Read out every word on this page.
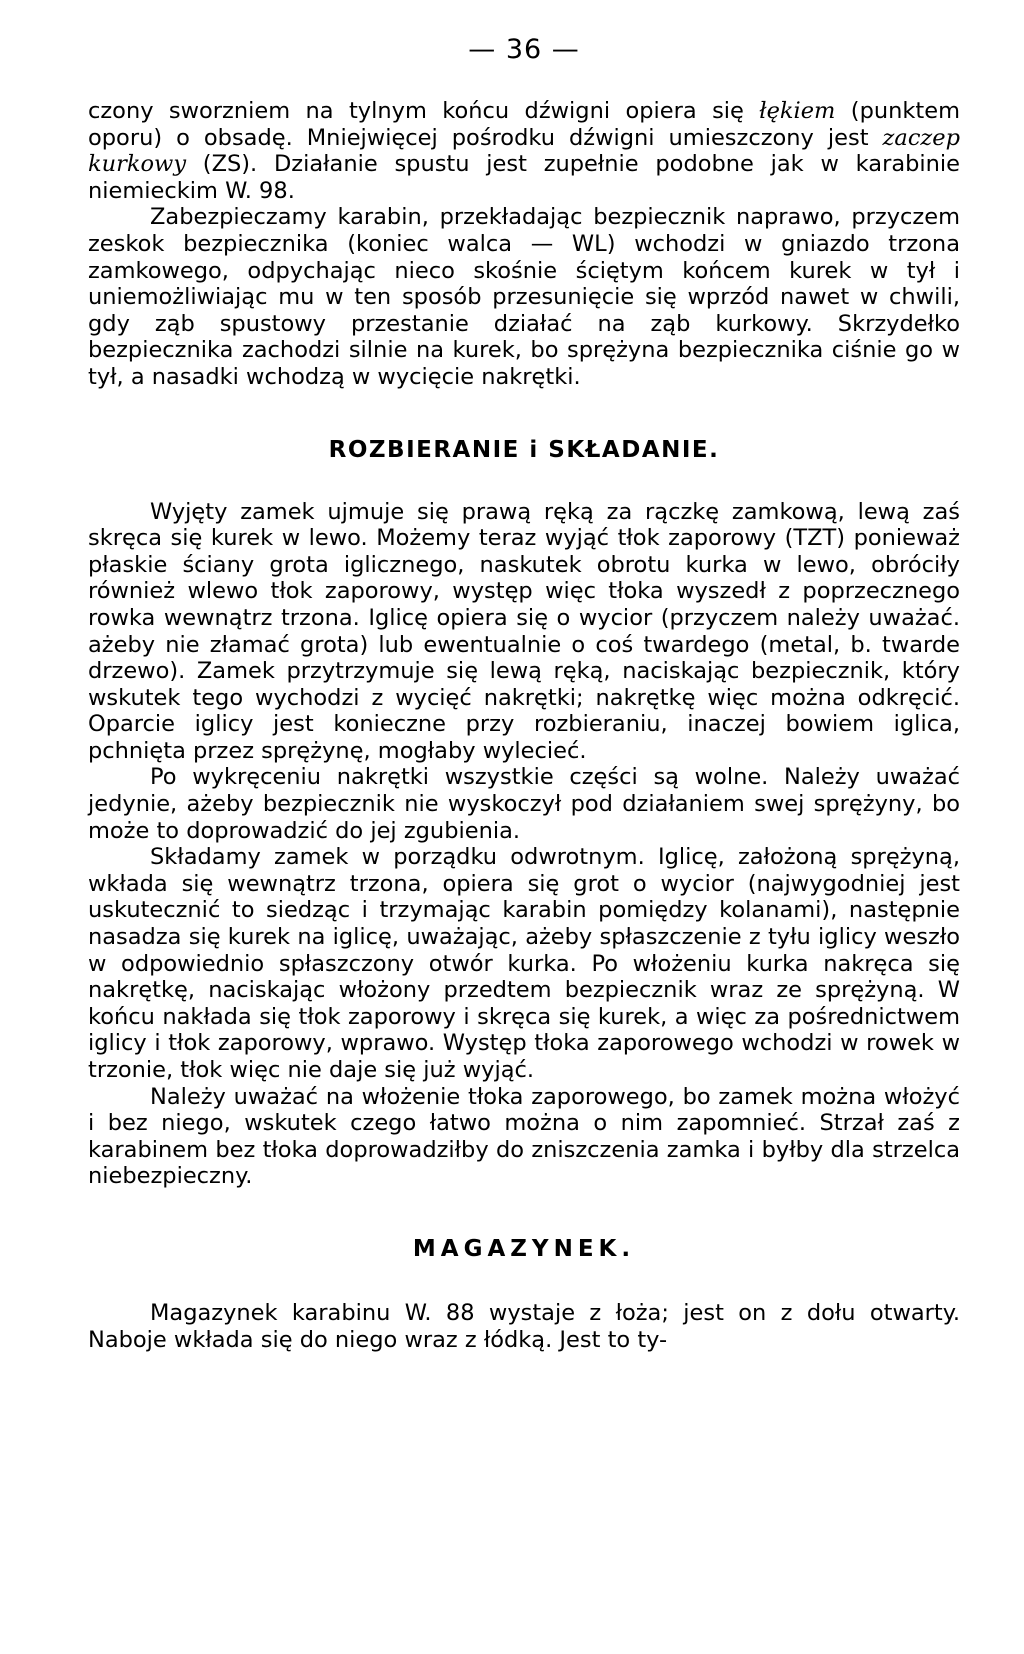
— 36 —

czony sworzniem na tylnym końcu dźwigni opiera się łękiem (punktem oporu) o obsadę. Mniejwięcej pośrodku dźwigni umieszczony jest zaczep kurkowy (ZS). Działanie spustu jest zupełnie podobne jak w karabinie niemieckim W. 98.

Zabezpieczamy karabin, przekładając bezpiecznik naprawo, przyczem zeskok bezpiecznika (koniec walca — WL) wchodzi w gniazdo trzona zamkowego, odpychając nieco skośnie ściętym końcem kurek w tył i uniemożliwiając mu w ten sposób przesunięcie się wprzód nawet w chwili, gdy ząb spustowy przestanie działać na ząb kurkowy. Skrzydełko bezpiecznika zachodzi silnie na kurek, bo sprężyna bezpiecznika ciśnie go w tył, a nasadki wchodzą w wycięcie nakrętki.

ROZBIERANIE i SKŁADANIE.

Wyjęty zamek ujmuje się prawą ręką za rączkę zamkową, lewą zaś skręca się kurek w lewo. Możemy teraz wyjąć tłok zaporowy (TZT) ponieważ płaskie ściany grota iglicznego, naskutek obrotu kurka w lewo, obróciły również wlewo tłok zaporowy, występ więc tłoka wyszedł z poprzecznego rowka wewnątrz trzona. Iglicę opiera się o wycior (przyczem należy uważać. ażeby nie złamać grota) lub ewentualnie o coś twardego (metal, b. twarde drzewo). Zamek przytrzymuje się lewą ręką, naciskając bezpiecznik, który wskutek tego wychodzi z wycięć nakrętki; nakrętkę więc można odkręcić. Oparcie iglicy jest konieczne przy rozbieraniu, inaczej bowiem iglica, pchnięta przez sprężynę, mogłaby wylecieć.

Po wykręceniu nakrętki wszystkie części są wolne. Należy uważać jedynie, ażeby bezpiecznik nie wyskoczył pod działaniem swej sprężyny, bo może to doprowadzić do jej zgubienia.

Składamy zamek w porządku odwrotnym. Iglicę, założoną sprężyną, wkłada się wewnątrz trzona, opiera się grot o wycior (najwygodniej jest uskutecznić to siedząc i trzymając karabin pomiędzy kolanami), następnie nasadza się kurek na iglicę, uważając, ażeby spłaszczenie z tyłu iglicy weszło w odpowiednio spłaszczony otwór kurka. Po włożeniu kurka nakręca się nakrętkę, naciskając włożony przedtem bezpiecznik wraz ze sprężyną. W końcu nakłada się tłok zaporowy i skręca się kurek, a więc za pośrednictwem iglicy i tłok zaporowy, wprawo. Występ tłoka zaporowego wchodzi w rowek w trzonie, tłok więc nie daje się już wyjąć.

Należy uważać na włożenie tłoka zaporowego, bo zamek można włożyć i bez niego, wskutek czego łatwo można o nim zapomnieć. Strzał zaś z karabinem bez tłoka doprowadziłby do zniszczenia zamka i byłby dla strzelca niebezpieczny.

MAGAZYNEK.

Magazynek karabinu W. 88 wystaje z łoża; jest on z dołu otwarty. Naboje wkłada się do niego wraz z łódką. Jest to ty-
